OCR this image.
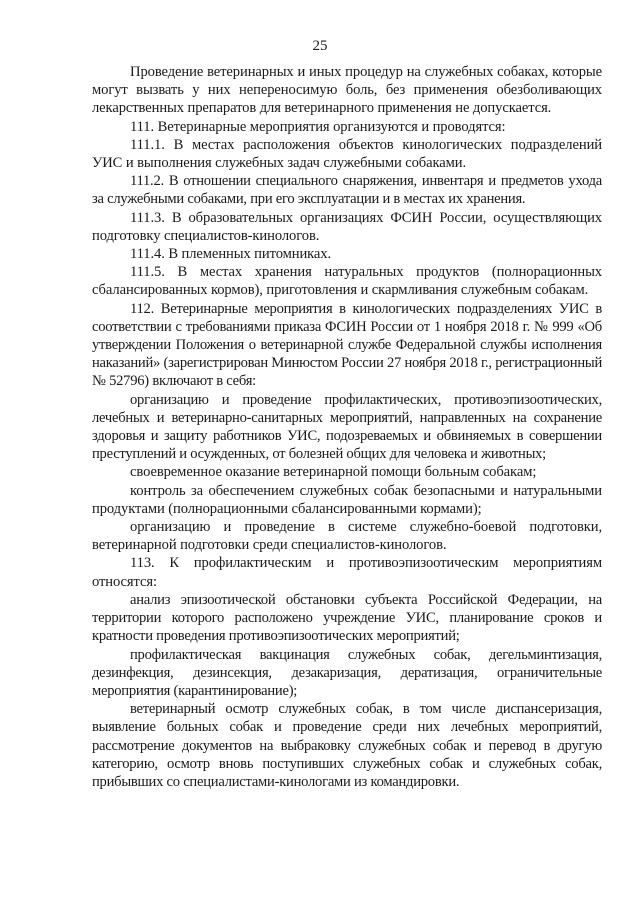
25

Проведение ветеринарных и иных процедур на служебных собаках, которые могут вызвать у них непереносимую боль, без применения обезболивающих лекарственных препаратов для ветеринарного применения не допускается.

111. Ветеринарные мероприятия организуются и проводятся:

111.1. В местах расположения объектов кинологических подразделений УИС и выполнения служебных задач служебными собаками.

111.2. В отношении специального снаряжения, инвентаря и предметов ухода за служебными собаками, при его эксплуатации и в местах их хранения.

111.3. В образовательных организациях ФСИН России, осуществляющих подготовку специалистов-кинологов.

111.4. В племенных питомниках.

111.5. В местах хранения натуральных продуктов (полнорационных сбалансированных кормов), приготовления и скармливания служебным собакам.

112. Ветеринарные мероприятия в кинологических подразделениях УИС в соответствии с требованиями приказа ФСИН России от 1 ноября 2018 г. № 999 «Об утверждении Положения о ветеринарной службе Федеральной службы исполнения наказаний» (зарегистрирован Минюстом России 27 ноября 2018 г., регистрационный № 52796) включают в себя:

организацию и проведение профилактических, противоэпизоотических, лечебных и ветеринарно-санитарных мероприятий, направленных на сохранение здоровья и защиту работников УИС, подозреваемых и обвиняемых в совершении преступлений и осужденных, от болезней общих для человека и животных;

своевременное оказание ветеринарной помощи больным собакам;

контроль за обеспечением служебных собак безопасными и натуральными продуктами (полнорационными сбалансированными кормами);

организацию и проведение в системе служебно-боевой подготовки, ветеринарной подготовки среди специалистов-кинологов.

113. К профилактическим и противоэпизоотическим мероприятиям относятся:

анализ эпизоотической обстановки субъекта Российской Федерации, на территории которого расположено учреждение УИС, планирование сроков и кратности проведения противоэпизоотических мероприятий;

профилактическая вакцинация служебных собак, дегельминтизация, дезинфекция, дезинсекция, дезакаризация, дератизация, ограничительные мероприятия (карантинирование);

ветеринарный осмотр служебных собак, в том числе диспансеризация, выявление больных собак и проведение среди них лечебных мероприятий, рассмотрение документов на выбраковку служебных собак и перевод в другую категорию, осмотр вновь поступивших служебных собак и служебных собак, прибывших со специалистами-кинологами из командировки.
